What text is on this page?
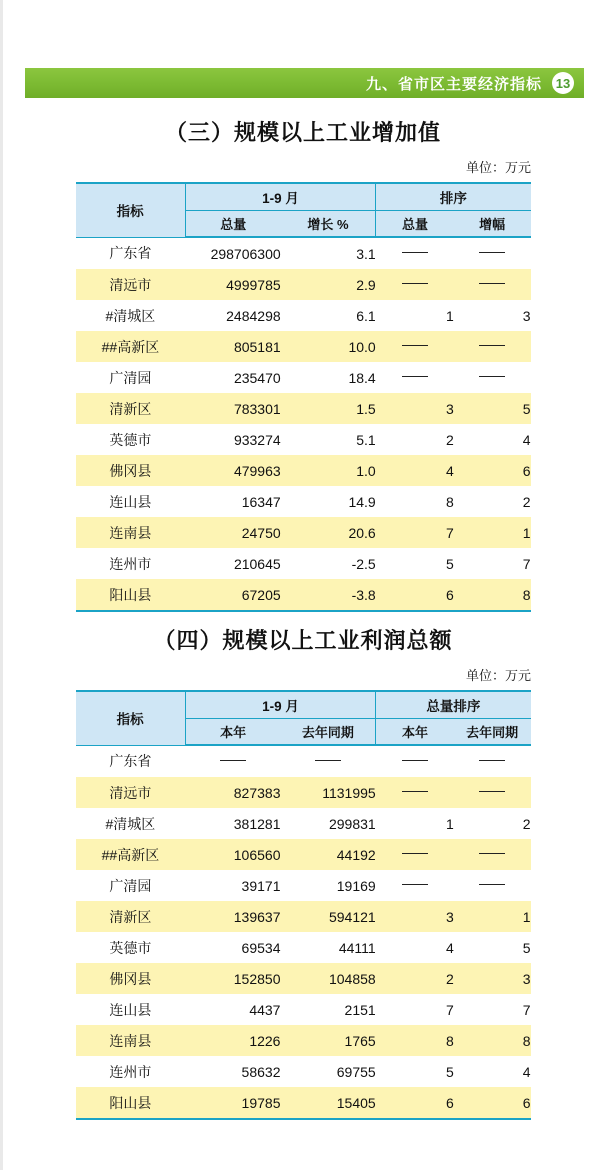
九、省市区主要经济指标 13
（三）规模以上工业增加值
单位：万元
指标	1-9 月		排序	
	总量	增长 %	总量	增幅
广东省	298706300	3.1		
清远市	4999785	2.9		
#清城区	2484298	6.1	1	3
##高新区	805181	10.0		
广清园	235470	18.4		
清新区	783301	1.5	3	5
英德市	933274	5.1	2	4
佛冈县	479963	1.0	4	6
连山县	16347	14.9	8	2
连南县	24750	20.6	7	1
连州市	210645	-2.5	5	7
阳山县	67205	-3.8	6	8
（四）规模以上工业利润总额
单位：万元
指标	1-9 月		总量排序	
	本年	去年同期	本年	去年同期
广东省				
清远市	827383	1131995		
#清城区	381281	299831	1	2
##高新区	106560	44192		
广清园	39171	19169		
清新区	139637	594121	3	1
英德市	69534	44111	4	5
佛冈县	152850	104858	2	3
连山县	4437	2151	7	7
连南县	1226	1765	8	8
连州市	58632	69755	5	4
阳山县	19785	15405	6	6
